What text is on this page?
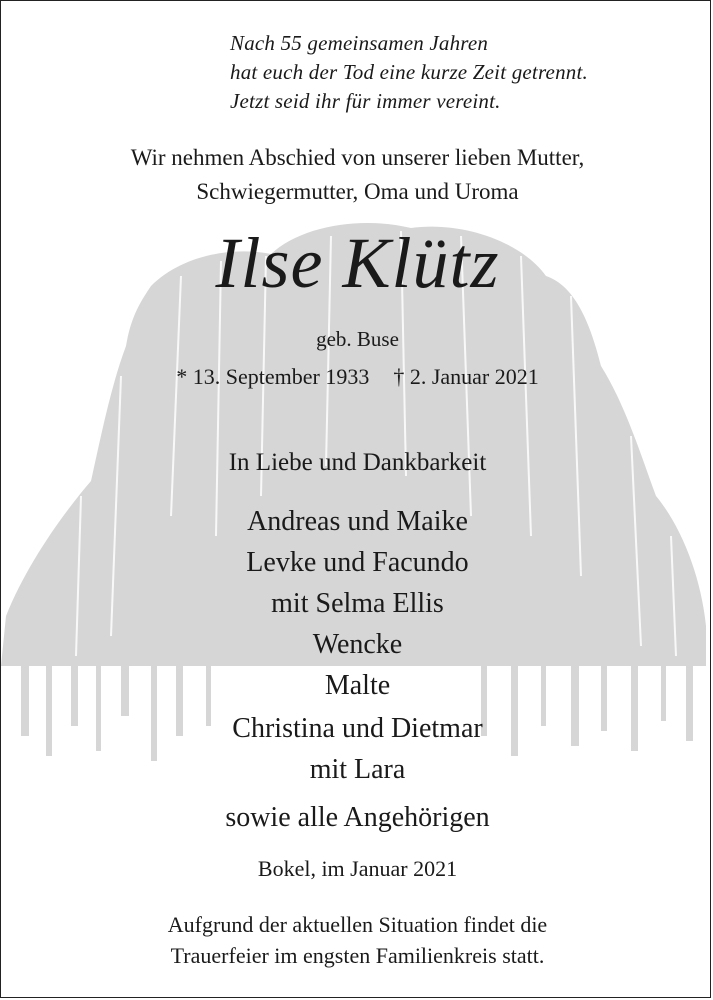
Nach 55 gemeinsamen Jahren
hat euch der Tod eine kurze Zeit getrennt.
Jetzt seid ihr für immer vereint.
Wir nehmen Abschied von unserer lieben Mutter,
Schwiegermutter, Oma und Uroma
Ilse Klütz
geb. Buse
* 13. September 1933 † 2. Januar 2021
In Liebe und Dankbarkeit
Andreas und Maike
Levke und Facundo
mit Selma Ellis
Wencke
Malte
Christina und Dietmar
mit Lara
sowie alle Angehörigen
Bokel, im Januar 2021
Aufgrund der aktuellen Situation findet die
Trauerfeier im engsten Familienkreis statt.
